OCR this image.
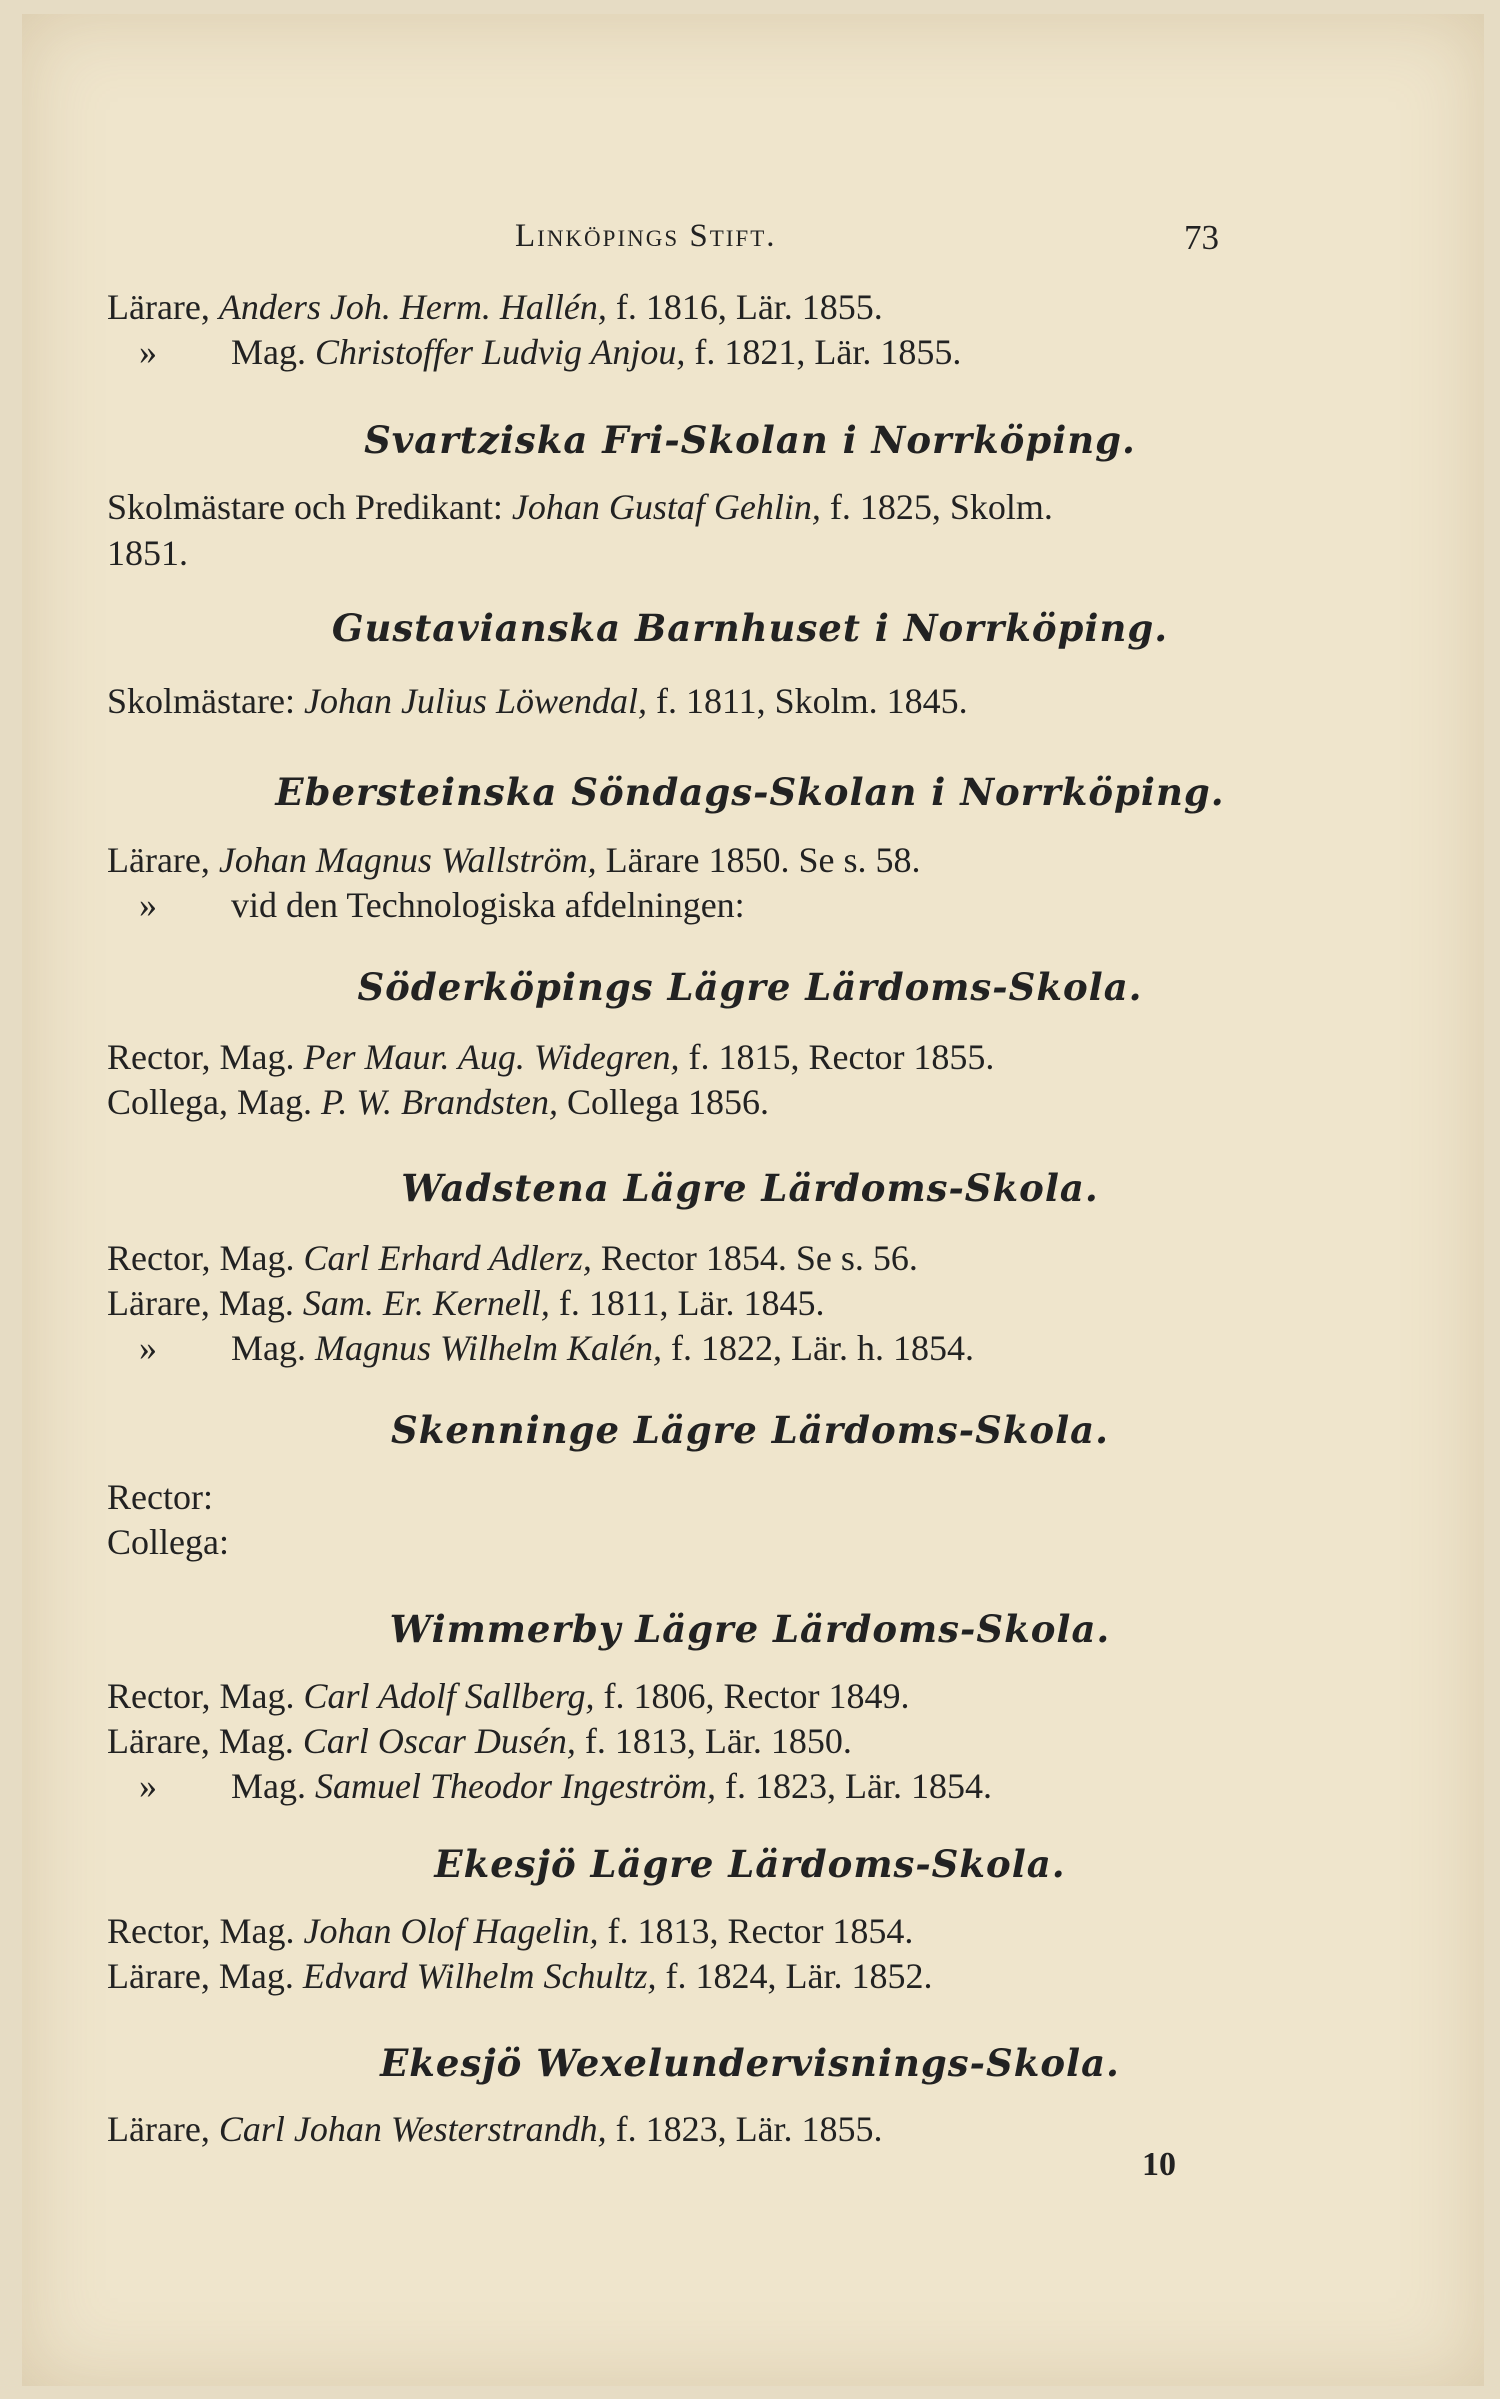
Linköpings Stift.	73
Lärare, Anders Joh. Herm. Hallén, f. 1816, Lär. 1855.
» Mag. Christoffer Ludvig Anjou, f. 1821, Lär. 1855.
Svartziska Fri-Skolan i Norrköping.
Skolmästare och Predikant: Johan Gustaf Gehlin, f. 1825, Skolm.
1851.
Gustavianska Barnhuset i Norrköping.
Skolmästare: Johan Julius Löwendal, f. 1811, Skolm. 1845.
Ebersteinska Söndags-Skolan i Norrköping.
Lärare, Johan Magnus Wallström, Lärare 1850. Se s. 58.
» vid den Technologiska afdelningen:
Söderköpings Lägre Lärdoms-Skola.
Rector, Mag. Per Maur. Aug. Widegren, f. 1815, Rector 1855.
Collega, Mag. P. W. Brandsten, Collega 1856.
Wadstena Lägre Lärdoms-Skola.
Rector, Mag. Carl Erhard Adlerz, Rector 1854. Se s. 56.
Lärare, Mag. Sam. Er. Kernell, f. 1811, Lär. 1845.
» Mag. Magnus Wilhelm Kalén, f. 1822, Lär. h. 1854.
Skenninge Lägre Lärdoms-Skola.
Rector:
Collega:
Wimmerby Lägre Lärdoms-Skola.
Rector, Mag. Carl Adolf Sallberg, f. 1806, Rector 1849.
Lärare, Mag. Carl Oscar Dusén, f. 1813, Lär. 1850.
» Mag. Samuel Theodor Ingeström, f. 1823, Lär. 1854.
Ekesjö Lägre Lärdoms-Skola.
Rector, Mag. Johan Olof Hagelin, f. 1813, Rector 1854.
Lärare, Mag. Edvard Wilhelm Schultz, f. 1824, Lär. 1852.
Ekesjö Wexelundervisnings-Skola.
Lärare, Carl Johan Westerstrandh, f. 1823, Lär. 1855.
10
